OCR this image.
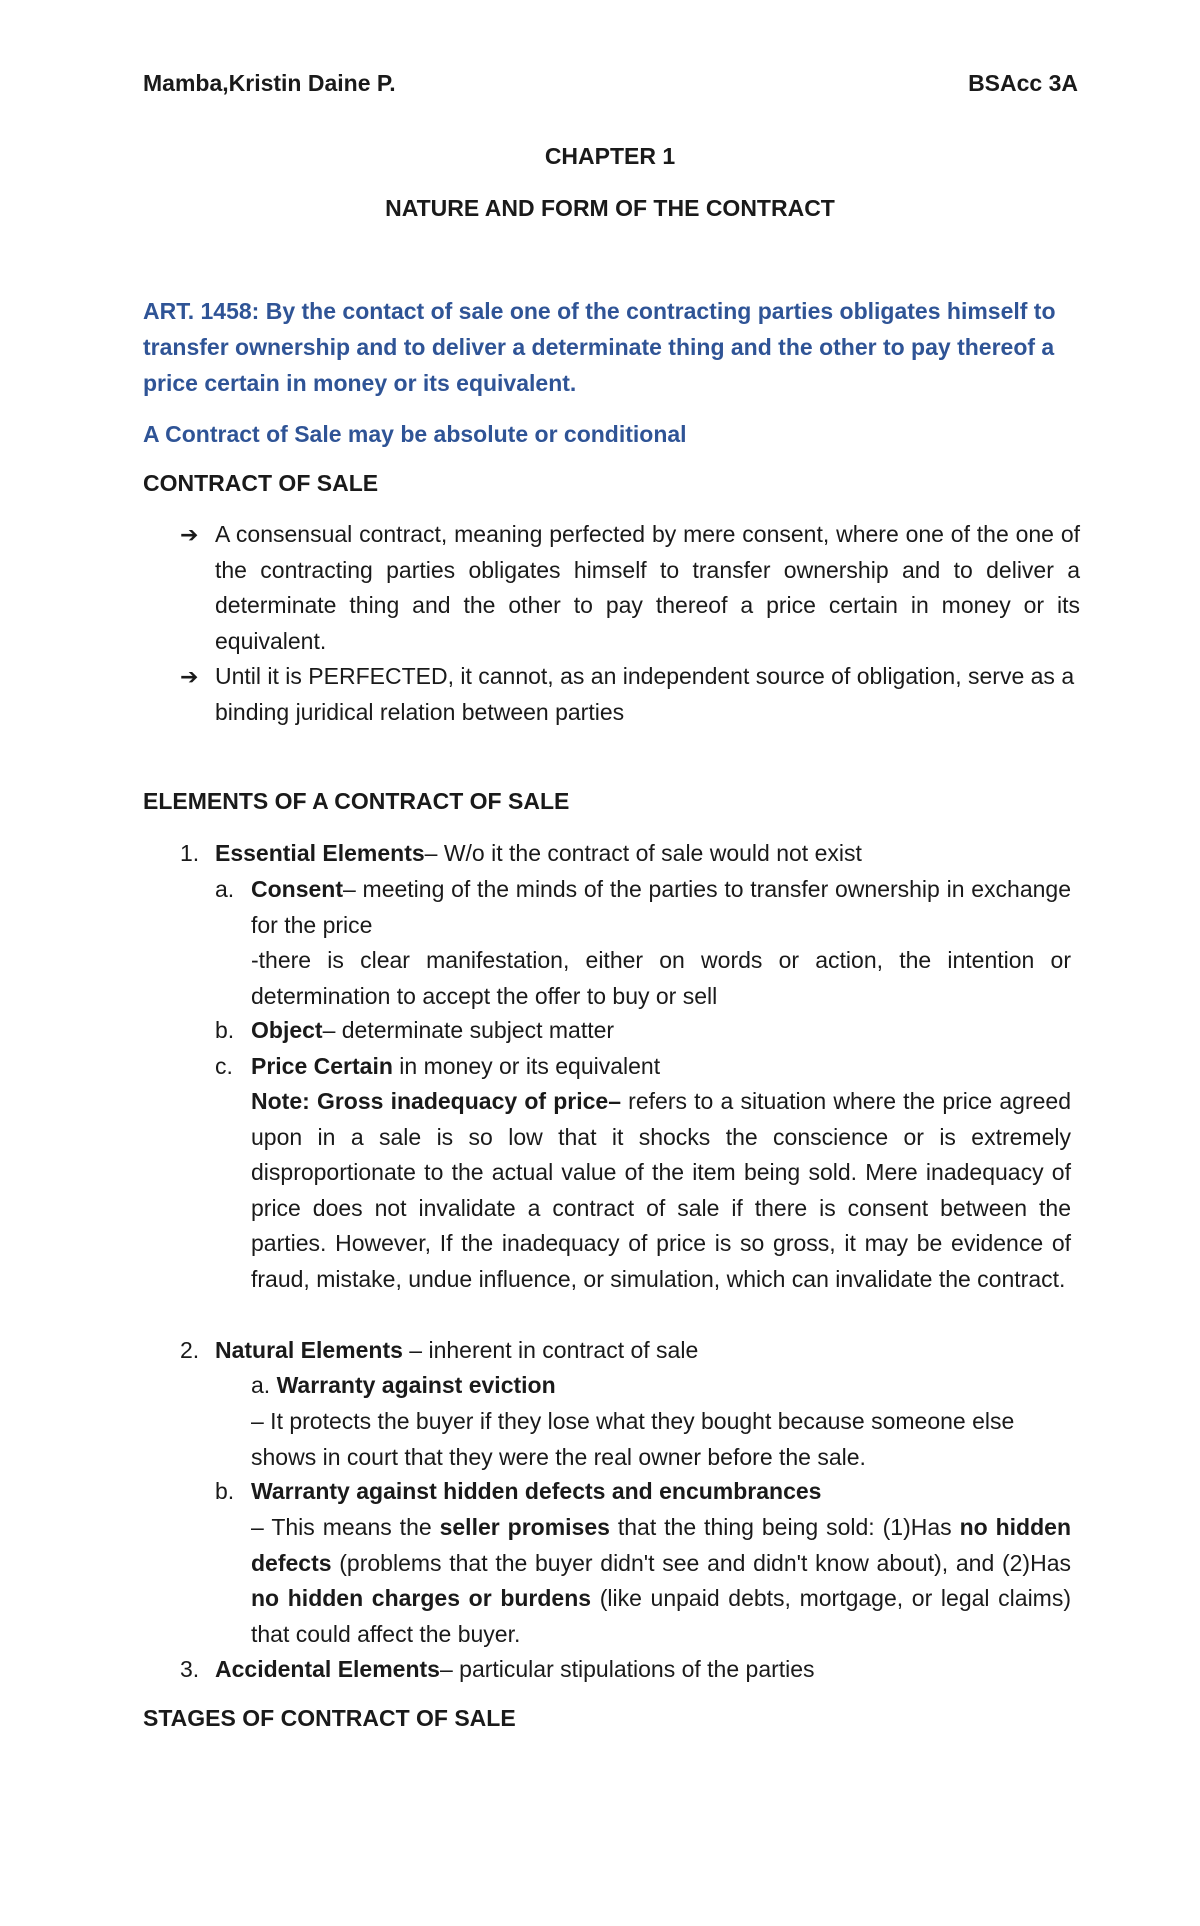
Mamba,Kristin Daine P.	BSAcc 3A
CHAPTER 1
NATURE AND FORM OF THE CONTRACT
ART. 1458: By the contact of sale one of the contracting parties obligates himself to transfer ownership and to deliver a determinate thing and the other to pay thereof a price certain in money or its equivalent.
A Contract of Sale may be absolute or conditional
CONTRACT OF SALE
➔ A consensual contract, meaning perfected by mere consent, where one of the one of the contracting parties obligates himself to transfer ownership and to deliver a determinate thing and the other to pay thereof a price certain in money or its equivalent.
➔ Until it is PERFECTED, it cannot, as an independent source of obligation, serve as a binding juridical relation between parties
ELEMENTS OF A CONTRACT OF SALE
1. Essential Elements– W/o it the contract of sale would not exist
a. Consent– meeting of the minds of the parties to transfer ownership in exchange for the price
-there is clear manifestation, either on words or action, the intention or determination to accept the offer to buy or sell
b. Object– determinate subject matter
c. Price Certain in money or its equivalent
Note: Gross inadequacy of price– refers to a situation where the price agreed upon in a sale is so low that it shocks the conscience or is extremely disproportionate to the actual value of the item being sold. Mere inadequacy of price does not invalidate a contract of sale if there is consent between the parties. However, If the inadequacy of price is so gross, it may be evidence of fraud, mistake, undue influence, or simulation, which can invalidate the contract.
2. Natural Elements – inherent in contract of sale
a. Warranty against eviction
– It protects the buyer if they lose what they bought because someone else shows in court that they were the real owner before the sale.
b. Warranty against hidden defects and encumbrances
– This means the seller promises that the thing being sold: (1)Has no hidden defects (problems that the buyer didn't see and didn't know about), and (2)Has no hidden charges or burdens (like unpaid debts, mortgage, or legal claims) that could affect the buyer.
3. Accidental Elements– particular stipulations of the parties
STAGES OF CONTRACT OF SALE
